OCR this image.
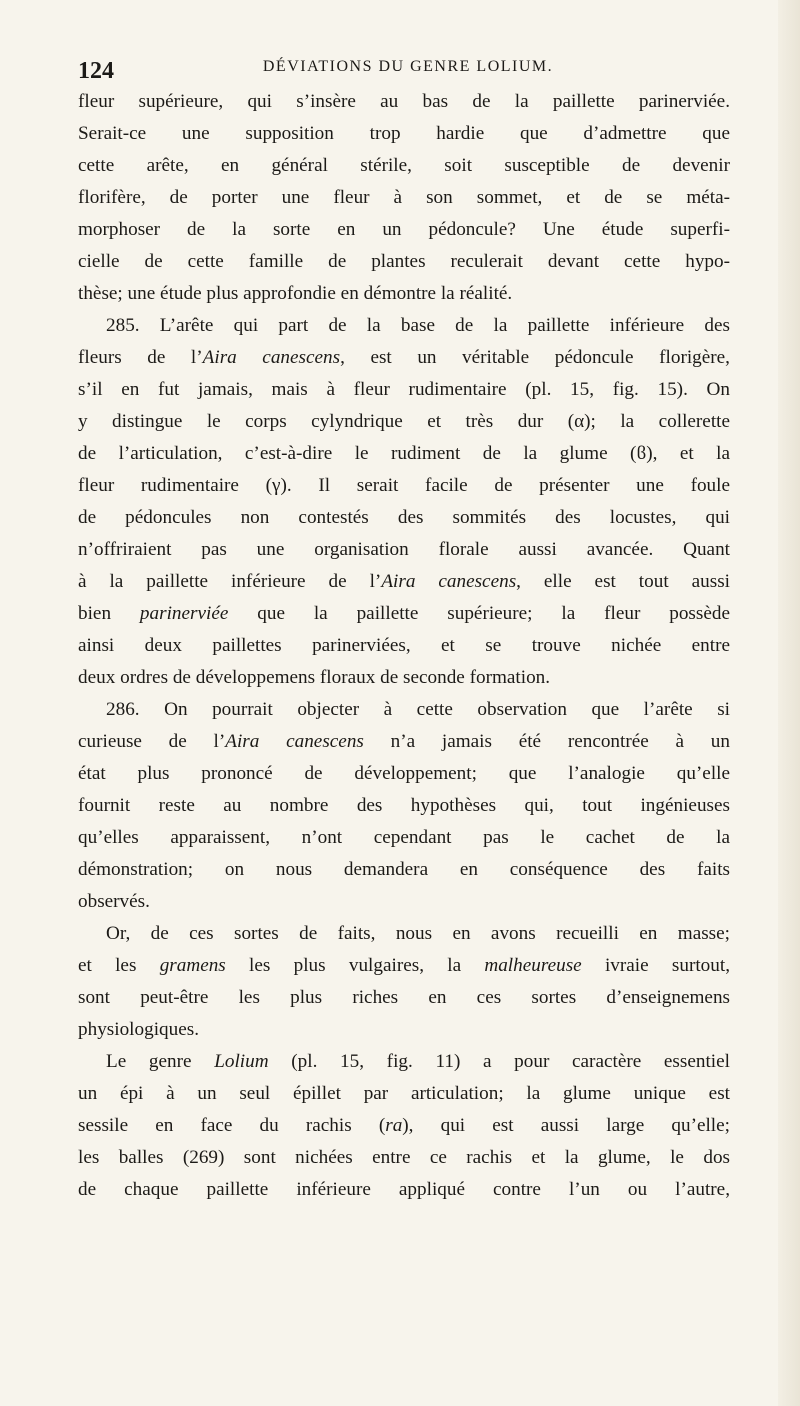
124	DÉVIATIONS DU GENRE LOLIUM.
fleur supérieure, qui s’insère au bas de la paillette parinerviée.
Serait-ce une supposition trop hardie que d’admettre que
cette arête, en général stérile, soit susceptible de devenir
florifère, de porter une fleur à son sommet, et de se méta-
morphoser de la sorte en un pédoncule? Une étude superfi-
cielle de cette famille de plantes reculerait devant cette hypo-
thèse; une étude plus approfondie en démontre la réalité.
285. L’arête qui part de la base de la paillette inférieure des
fleurs de l’Aira canescens, est un véritable pédoncule florigère,
s’il en fut jamais, mais à fleur rudimentaire (pl. 15, fig. 15). On
y distingue le corps cylyndrique et très dur (α); la collerette
de l’articulation, c’est-à-dire le rudiment de la glume (ϐ), et la
fleur rudimentaire (γ). Il serait facile de présenter une foule
de pédoncules non contestés des sommités des locustes, qui
n’offriraient pas une organisation florale aussi avancée. Quant
à la paillette inférieure de l’Aira canescens, elle est tout aussi
bien parinerviée que la paillette supérieure; la fleur possède
ainsi deux paillettes parinerviées, et se trouve nichée entre
deux ordres de développemens floraux de seconde formation.
286. On pourrait objecter à cette observation que l’arête si
curieuse de l’Aira canescens n’a jamais été rencontrée à un
état plus prononcé de développement; que l’analogie qu’elle
fournit reste au nombre des hypothèses qui, tout ingénieuses
qu’elles apparaissent, n’ont cependant pas le cachet de la
démonstration; on nous demandera en conséquence des faits
observés.
Or, de ces sortes de faits, nous en avons recueilli en masse;
et les gramens les plus vulgaires, la malheureuse ivraie surtout,
sont peut-être les plus riches en ces sortes d’enseignemens
physiologiques.
Le genre Lolium (pl. 15, fig. 11) a pour caractère essentiel
un épi à un seul épillet par articulation; la glume unique est
sessile en face du rachis (ra), qui est aussi large qu’elle;
les balles (269) sont nichées entre ce rachis et la glume, le dos
de chaque paillette inférieure appliqué contre l’un ou l’autre,
